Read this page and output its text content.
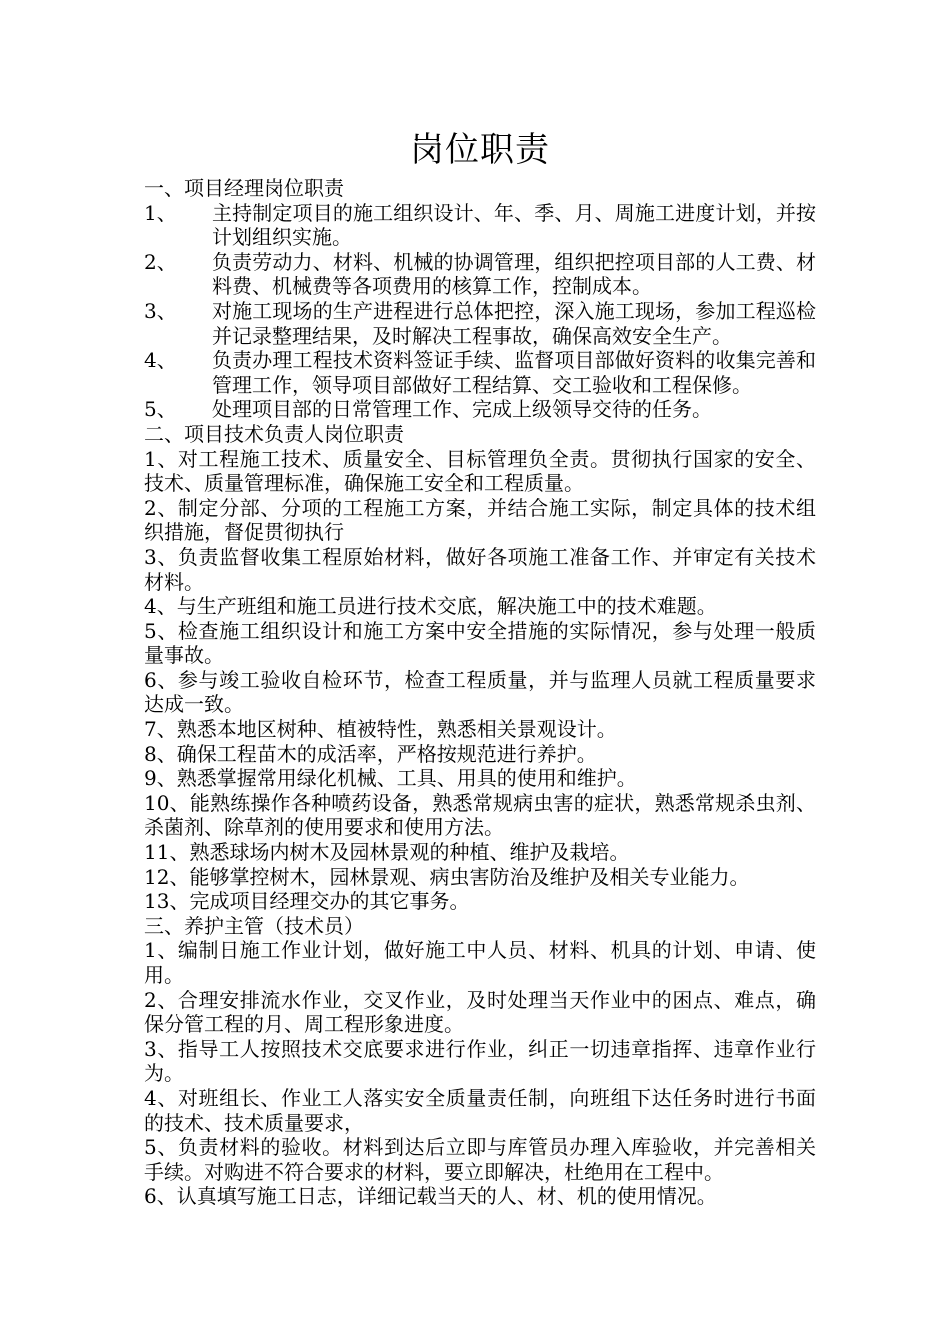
岗位职责

一、项目经理岗位职责

1、	主持制定项目的施工组织设计、年、季、月、周施工进度计划，并按计划组织实施。

2、	负责劳动力、材料、机械的协调管理，组织把控项目部的人工费、材料费、机械费等各项费用的核算工作，控制成本。

3、	对施工现场的生产进程进行总体把控，深入施工现场，参加工程巡检并记录整理结果，及时解决工程事故，确保高效安全生产。

4、	负责办理工程技术资料签证手续、监督项目部做好资料的收集完善和管理工作，领导项目部做好工程结算、交工验收和工程保修。

5、	处理项目部的日常管理工作、完成上级领导交待的任务。

二、项目技术负责人岗位职责

1、对工程施工技术、质量安全、目标管理负全责。贯彻执行国家的安全、技术、质量管理标准，确保施工安全和工程质量。

2、制定分部、分项的工程施工方案，并结合施工实际，制定具体的技术组织措施，督促贯彻执行

3、负责监督收集工程原始材料，做好各项施工准备工作、并审定有关技术材料。

4、与生产班组和施工员进行技术交底，解决施工中的技术难题。

5、检查施工组织设计和施工方案中安全措施的实际情况，参与处理一般质量事故。

6、参与竣工验收自检环节，检查工程质量，并与监理人员就工程质量要求达成一致。

7、熟悉本地区树种、植被特性，熟悉相关景观设计。

8、确保工程苗木的成活率，严格按规范进行养护。

9、熟悉掌握常用绿化机械、工具、用具的使用和维护。

10、能熟练操作各种喷药设备，熟悉常规病虫害的症状，熟悉常规杀虫剂、杀菌剂、除草剂的使用要求和使用方法。

11、熟悉球场内树木及园林景观的种植、维护及栽培。

12、能够掌控树木，园林景观、病虫害防治及维护及相关专业能力。

13、完成项目经理交办的其它事务。

三、养护主管（技术员）

1、编制日施工作业计划，做好施工中人员、材料、机具的计划、申请、使用。

2、合理安排流水作业，交叉作业，及时处理当天作业中的困点、难点，确保分管工程的月、周工程形象进度。

3、指导工人按照技术交底要求进行作业，纠正一切违章指挥、违章作业行为。

4、对班组长、作业工人落实安全质量责任制，向班组下达任务时进行书面的技术、技术质量要求，

5、负责材料的验收。材料到达后立即与库管员办理入库验收，并完善相关手续。对购进不符合要求的材料，要立即解决，杜绝用在工程中。

6、认真填写施工日志，详细记载当天的人、材、机的使用情况。
